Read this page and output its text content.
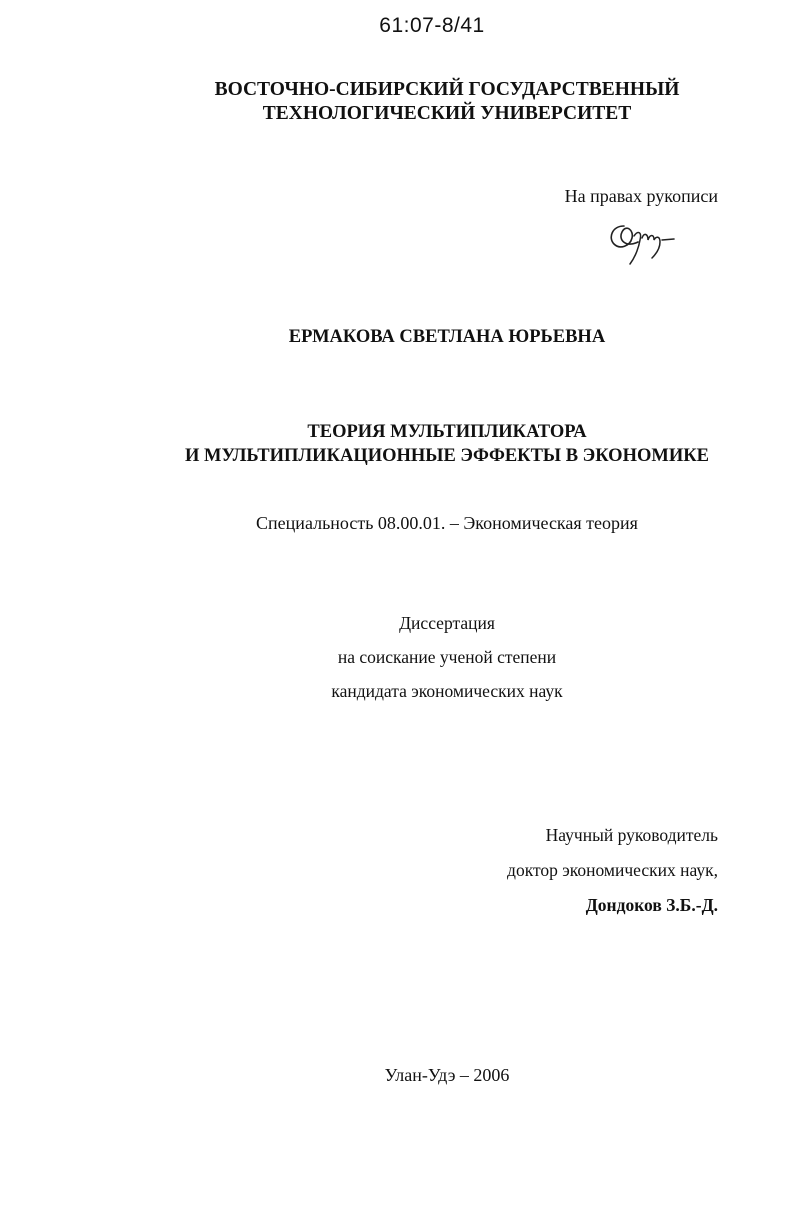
61:07-8/41
ВОСТОЧНО-СИБИРСКИЙ ГОСУДАРСТВЕННЫЙ
ТЕХНОЛОГИЧЕСКИЙ УНИВЕРСИТЕТ
На правах рукописи
ЕРМАКОВА СВЕТЛАНА ЮРЬЕВНА
ТЕОРИЯ МУЛЬТИПЛИКАТОРА
И МУЛЬТИПЛИКАЦИОННЫЕ ЭФФЕКТЫ В ЭКОНОМИКЕ
Специальность 08.00.01. – Экономическая теория
Диссертация
на соискание ученой степени
кандидата экономических наук
Научный руководитель
доктор экономических наук,
Дондоков З.Б.-Д.
Улан-Удэ – 2006
